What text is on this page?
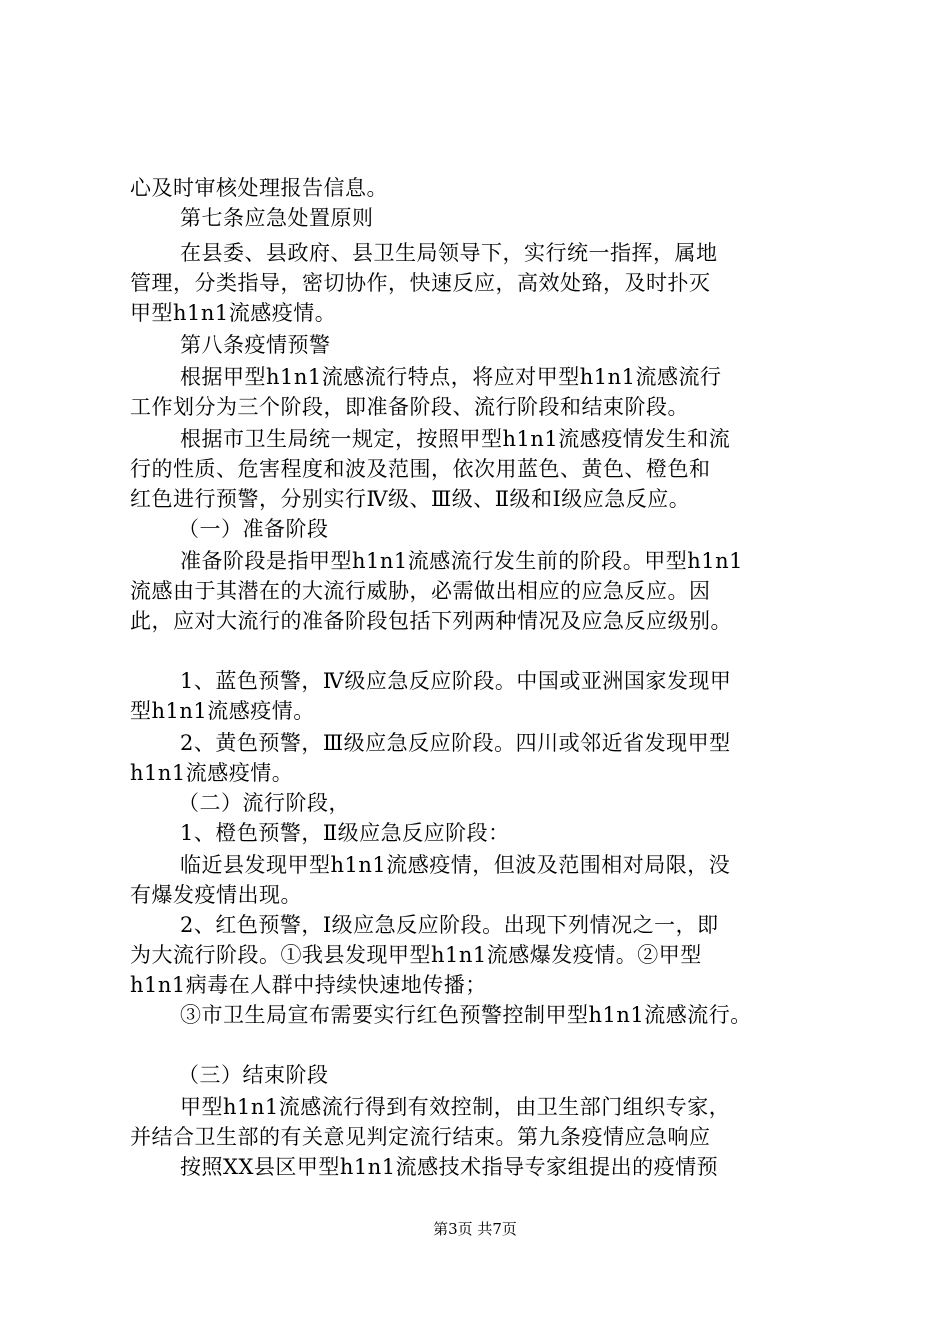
心及时审核处理报告信息。
第七条应急处置原则
在县委、县政府、县卫生局领导下，实行统一指挥，属地
管理，分类指导，密切协作，快速反应，高效处臵，及时扑灭
甲型h1n1流感疫情。
第八条疫情预警
根据甲型h1n1流感流行特点，将应对甲型h1n1流感流行
工作划分为三个阶段，即准备阶段、流行阶段和结束阶段。
根据市卫生局统一规定，按照甲型h1n1流感疫情发生和流
行的性质、危害程度和波及范围，依次用蓝色、黄色、橙色和
红色进行预警，分别实行Ⅳ级、Ⅲ级、Ⅱ级和Ⅰ级应急反应。
（一）准备阶段
准备阶段是指甲型h1n1流感流行发生前的阶段。甲型h1n1
流感由于其潜在的大流行威胁，必需做出相应的应急反应。因
此，应对大流行的准备阶段包括下列两种情况及应急反应级别。
1、蓝色预警，Ⅳ级应急反应阶段。中国或亚洲国家发现甲
型h1n1流感疫情。
2、黄色预警，Ⅲ级应急反应阶段。四川或邻近省发现甲型
h1n1流感疫情。
（二）流行阶段，
1、橙色预警，Ⅱ级应急反应阶段：
临近县发现甲型h1n1流感疫情，但波及范围相对局限，没
有爆发疫情出现。
2、红色预警，Ⅰ级应急反应阶段。出现下列情况之一，即
为大流行阶段。①我县发现甲型h1n1流感爆发疫情。②甲型
h1n1病毒在人群中持续快速地传播；
③市卫生局宣布需要实行红色预警控制甲型h1n1流感流行。
（三）结束阶段
甲型h1n1流感流行得到有效控制，由卫生部门组织专家，
并结合卫生部的有关意见判定流行结束。第九条疫情应急响应
按照XX县区甲型h1n1流感技术指导专家组提出的疫情预
第3页 共7页
